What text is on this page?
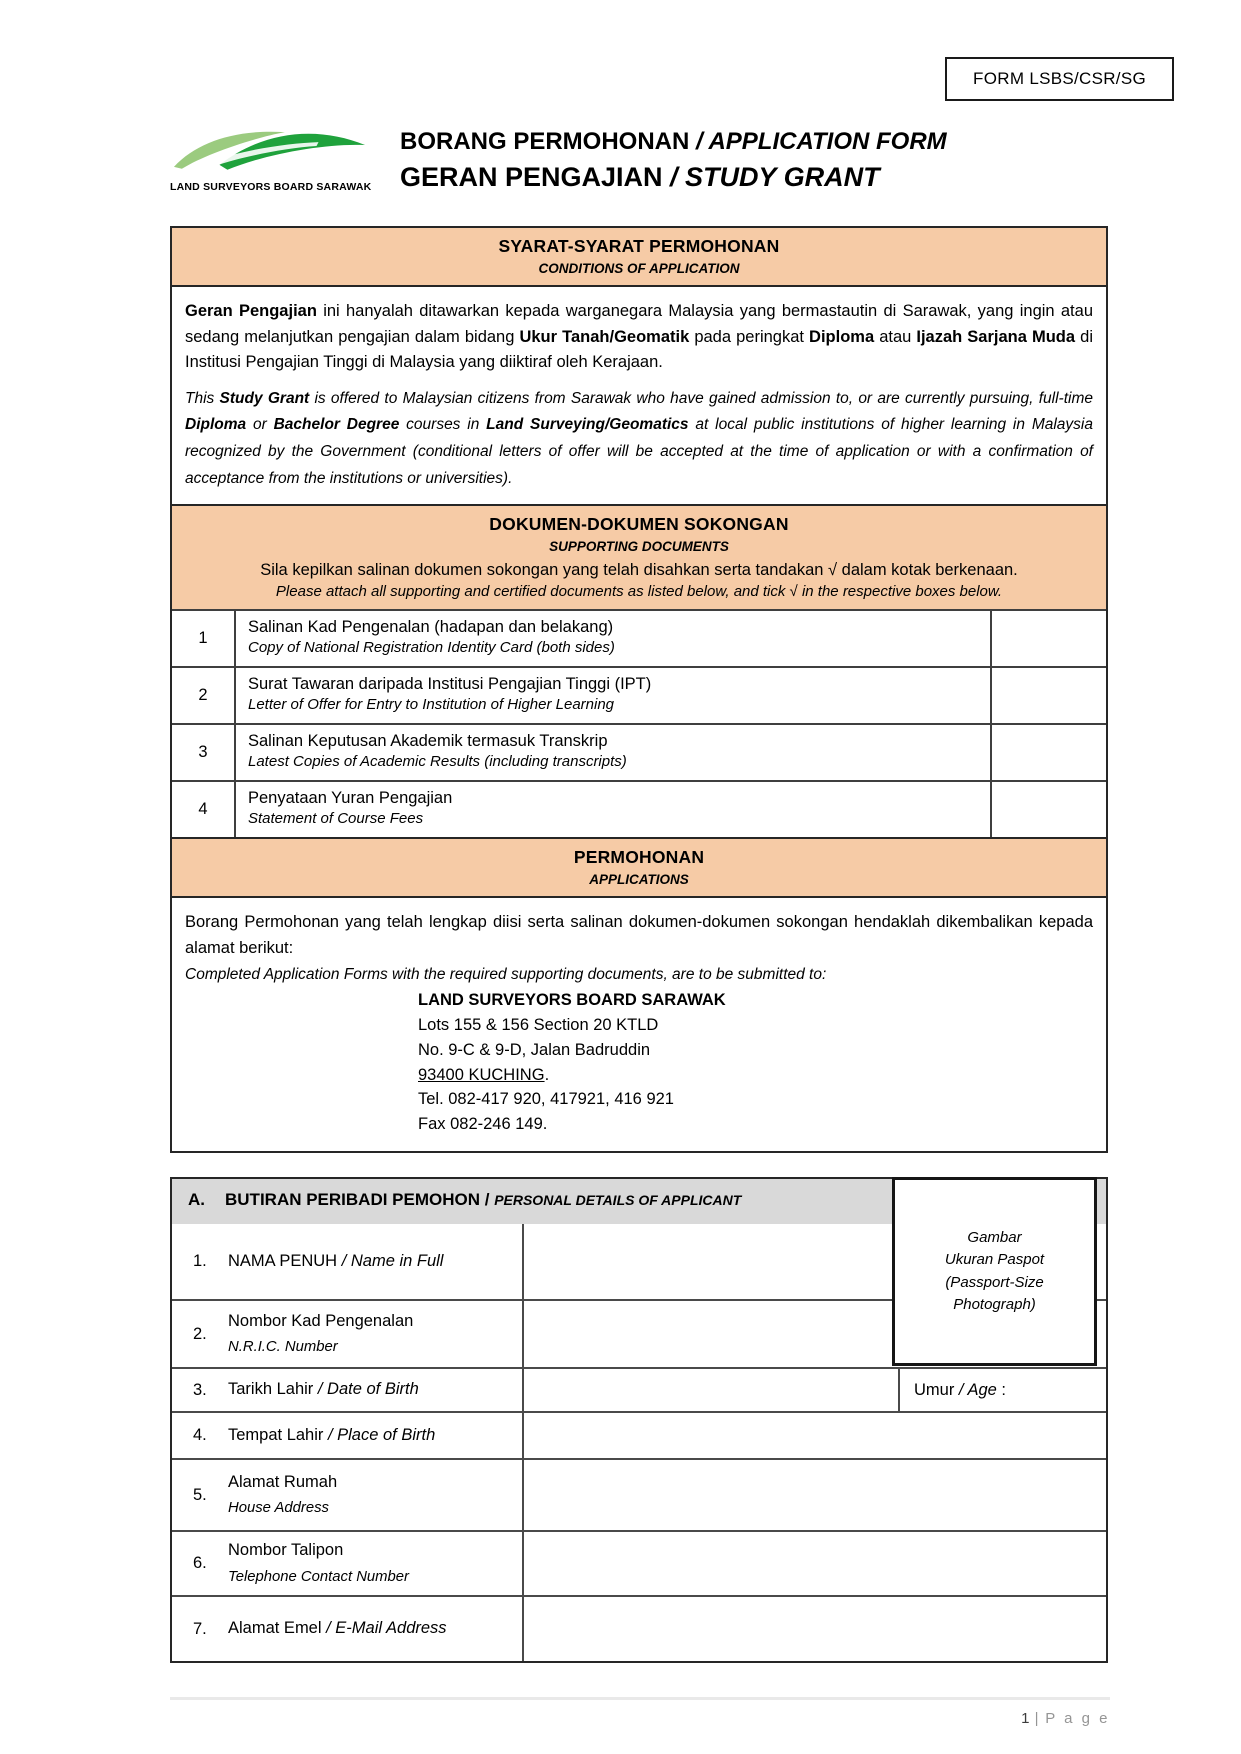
FORM LSBS/CSR/SG
LAND SURVEYORS BOARD SARAWAK
BORANG PERMOHONAN / APPLICATION FORM
GERAN PENGAJIAN / STUDY GRANT
SYARAT-SYARAT PERMOHONAN
CONDITIONS OF APPLICATION

Geran Pengajian ini hanyalah ditawarkan kepada warganegara Malaysia yang bermastautin di Sarawak, yang ingin atau sedang melanjutkan pengajian dalam bidang Ukur Tanah/Geomatik pada peringkat Diploma atau Ijazah Sarjana Muda di Institusi Pengajian Tinggi di Malaysia yang diiktiraf oleh Kerajaan.

This Study Grant is offered to Malaysian citizens from Sarawak who have gained admission to, or are currently pursuing, full-time Diploma or Bachelor Degree courses in Land Surveying/Geomatics at local public institutions of higher learning in Malaysia recognized by the Government (conditional letters of offer will be accepted at the time of application or with a confirmation of acceptance from the institutions or universities).

DOKUMEN-DOKUMEN SOKONGAN
SUPPORTING DOCUMENTS
Sila kepilkan salinan dokumen sokongan yang telah disahkan serta tandakan √ dalam kotak berkenaan.
Please attach all supporting and certified documents as listed below, and tick √ in the respective boxes below.
1
Salinan Kad Pengenalan (hadapan dan belakang)
Copy of National Registration Identity Card (both sides)
2
Surat Tawaran daripada Institusi Pengajian Tinggi (IPT)
Letter of Offer for Entry to Institution of Higher Learning
3
Salinan Keputusan Akademik termasuk Transkrip
Latest Copies of Academic Results (including transcripts)
4
Penyataan Yuran Pengajian
Statement of Course Fees
PERMOHONAN
APPLICATIONS

Borang Permohonan yang telah lengkap diisi serta salinan dokumen-dokumen sokongan hendaklah dikembalikan kepada alamat berikut:

Completed Application Forms with the required supporting documents, are to be submitted to:

LAND SURVEYORS BOARD SARAWAK
Lots 155 & 156 Section 20 KTLD
No. 9-C & 9-D, Jalan Badruddin
93400 KUCHING.
Tel. 082-417 920, 417921, 416 921
Fax 082-246 149.
A. BUTIRAN PERIBADI PEMOHON / PERSONAL DETAILS OF APPLICANT
Gambar
Ukuran Paspot
(Passport-Size
Photograph)
1.	NAMA PENUH / Name in Full
2.
Nombor Kad Pengenalan
N.R.I.C. Number
3.	Tarikh Lahir / Date of Birth	Umur / Age :
4.	Tempat Lahir / Place of Birth
5.
Alamat Rumah
House Address
6.
Nombor Talipon
Telephone Contact Number
7.	Alamat Emel / E-Mail Address
1 | P a g e
